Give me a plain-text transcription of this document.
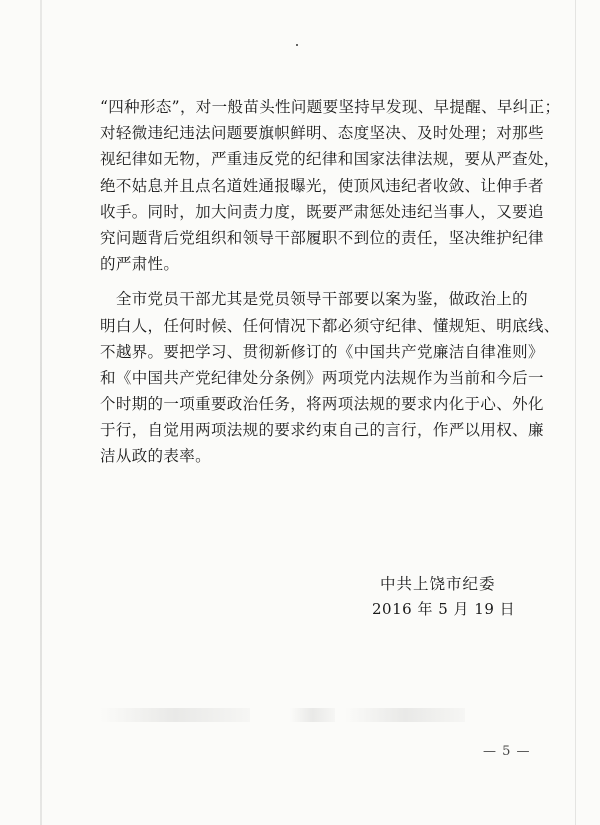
“四种形态”，对一般苗头性问题要坚持早发现、早提醒、早纠正；
对轻微违纪违法问题要旗帜鲜明、态度坚决、及时处理；对那些
视纪律如无物，严重违反党的纪律和国家法律法规，要从严查处，
绝不姑息并且点名道姓通报曝光，使顶风违纪者收敛、让伸手者
收手。同时，加大问责力度，既要严肃惩处违纪当事人，又要追
究问题背后党组织和领导干部履职不到位的责任，坚决维护纪律
的严肃性。
　全市党员干部尤其是党员领导干部要以案为鉴，做政治上的
明白人，任何时候、任何情况下都必须守纪律、懂规矩、明底线、
不越界。要把学习、贯彻新修订的《中国共产党廉洁自律准则》
和《中国共产党纪律处分条例》两项党内法规作为当前和今后一
个时期的一项重要政治任务，将两项法规的要求内化于心、外化
于行，自觉用两项法规的要求约束自己的言行，作严以用权、廉
洁从政的表率。
中共上饶市纪委
2016 年 5 月 19 日
— 5 —
